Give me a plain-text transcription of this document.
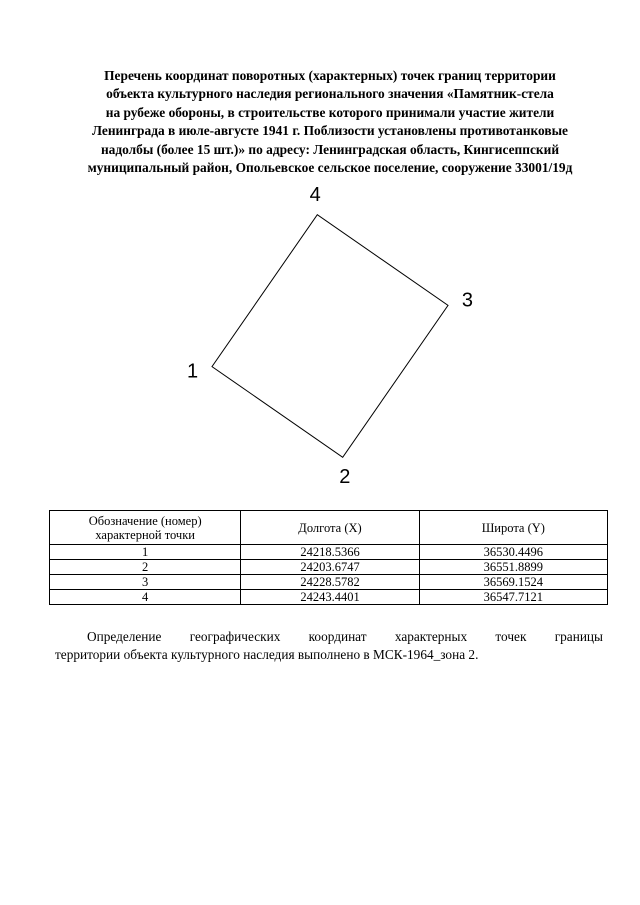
Перечень координат поворотных (характерных) точек границ территории
объекта культурного наследия регионального значения «Памятник-стела
на рубеже обороны, в строительстве которого принимали участие жители
Ленинграда в июле-августе 1941 г. Поблизости установлены противотанковые
надолбы (более 15 шт.)» по адресу: Ленинградская область, Кингисеппский
муниципальный район, Опольевское сельское поселение, сооружение 33001/19д
1
2
3
4
Обозначение (номер)
характерной точки	Долгота (X)	Широта (Y)
1	24218.5366	36530.4496
2	24203.6747	36551.8899
3	24228.5782	36569.1524
4	24243.4401	36547.7121

Определение географических координат характерных точек границы
территории объекта культурного наследия выполнено в МСК-1964_зона 2.
